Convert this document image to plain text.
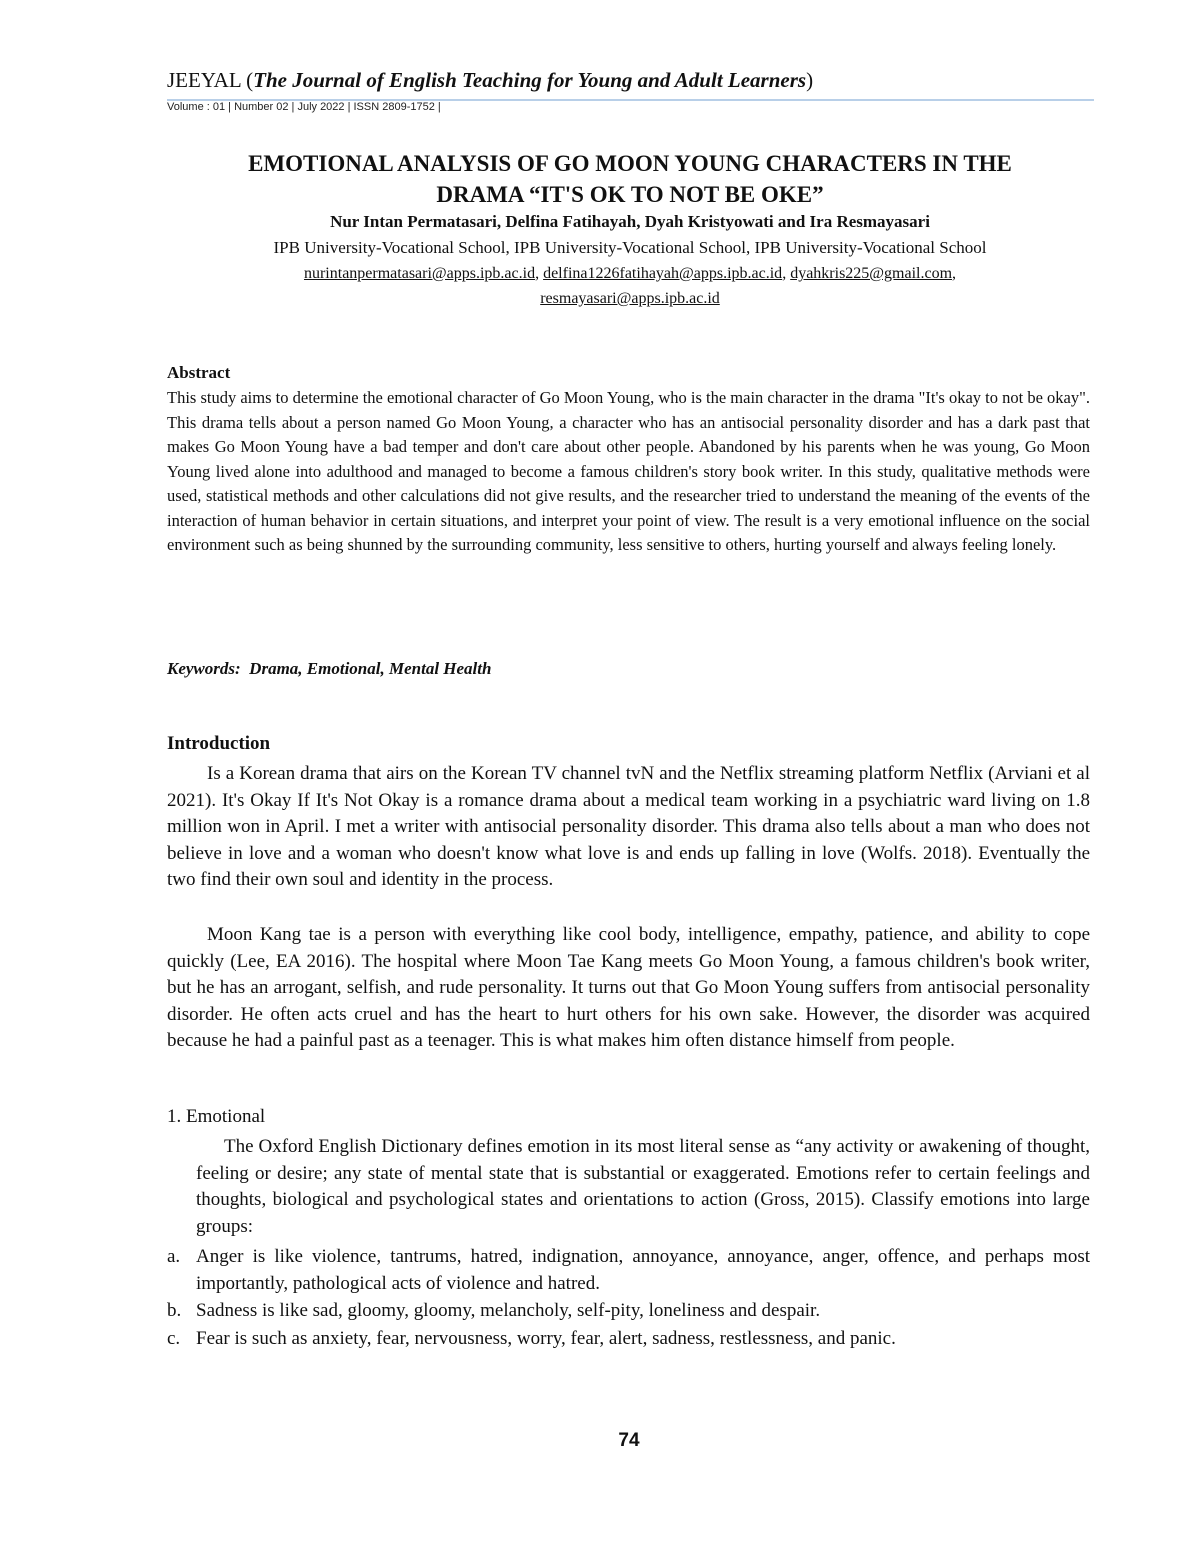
JEEYAL (The Journal of English Teaching for Young and Adult Learners)
Volume : 01 | Number 02 | July 2022 | ISSN 2809-1752 |
EMOTIONAL ANALYSIS OF GO MOON YOUNG CHARACTERS IN THE
DRAMA “IT'S OK TO NOT BE OKE”
Nur Intan Permatasari, Delfina Fatihayah, Dyah Kristyowati and Ira Resmayasari
IPB University-Vocational School, IPB University-Vocational School, IPB University-Vocational School
nurintanpermatasari@apps.ipb.ac.id, delfina1226fatihayah@apps.ipb.ac.id, dyahkris225@gmail.com,
resmayasari@apps.ipb.ac.id
Abstract

This study aims to determine the emotional character of Go Moon Young, who is the main character in the drama "It's okay to not be okay". This drama tells about a person named Go Moon Young, a character who has an antisocial personality disorder and has a dark past that makes Go Moon Young have a bad temper and don't care about other people. Abandoned by his parents when he was young, Go Moon Young lived alone into adulthood and managed to become a famous children's story book writer. In this study, qualitative methods were used, statistical methods and other calculations did not give results, and the researcher tried to understand the meaning of the events of the interaction of human behavior in certain situations, and interpret your point of view. The result is a very emotional influence on the social environment such as being shunned by the surrounding community, less sensitive to others, hurting yourself and always feeling lonely.

Keywords: Drama, Emotional, Mental Health
Introduction

Is a Korean drama that airs on the Korean TV channel tvN and the Netflix streaming platform Netflix (Arviani et al 2021). It's Okay If It's Not Okay is a romance drama about a medical team working in a psychiatric ward living on 1.8 million won in April. I met a writer with antisocial personality disorder. This drama also tells about a man who does not believe in love and a woman who doesn't know what love is and ends up falling in love (Wolfs. 2018). Eventually the two find their own soul and identity in the process.

Moon Kang tae is a person with everything like cool body, intelligence, empathy, patience, and ability to cope quickly (Lee, EA 2016). The hospital where Moon Tae Kang meets Go Moon Young, a famous children's book writer, but he has an arrogant, selfish, and rude personality. It turns out that Go Moon Young suffers from antisocial personality disorder. He often acts cruel and has the heart to hurt others for his own sake. However, the disorder was acquired because he had a painful past as a teenager. This is what makes him often distance himself from people.

1. Emotional

The Oxford English Dictionary defines emotion in its most literal sense as “any activity or awakening of thought, feeling or desire; any state of mental state that is substantial or exaggerated. Emotions refer to certain feelings and thoughts, biological and psychological states and orientations to action (Gross, 2015). Classify emotions into large groups:

a. Anger is like violence, tantrums, hatred, indignation, annoyance, annoyance, anger, offence, and perhaps most importantly, pathological acts of violence and hatred.
b. Sadness is like sad, gloomy, gloomy, melancholy, self-pity, loneliness and despair.
c. Fear is such as anxiety, fear, nervousness, worry, fear, alert, sadness, restlessness, and panic.
74
